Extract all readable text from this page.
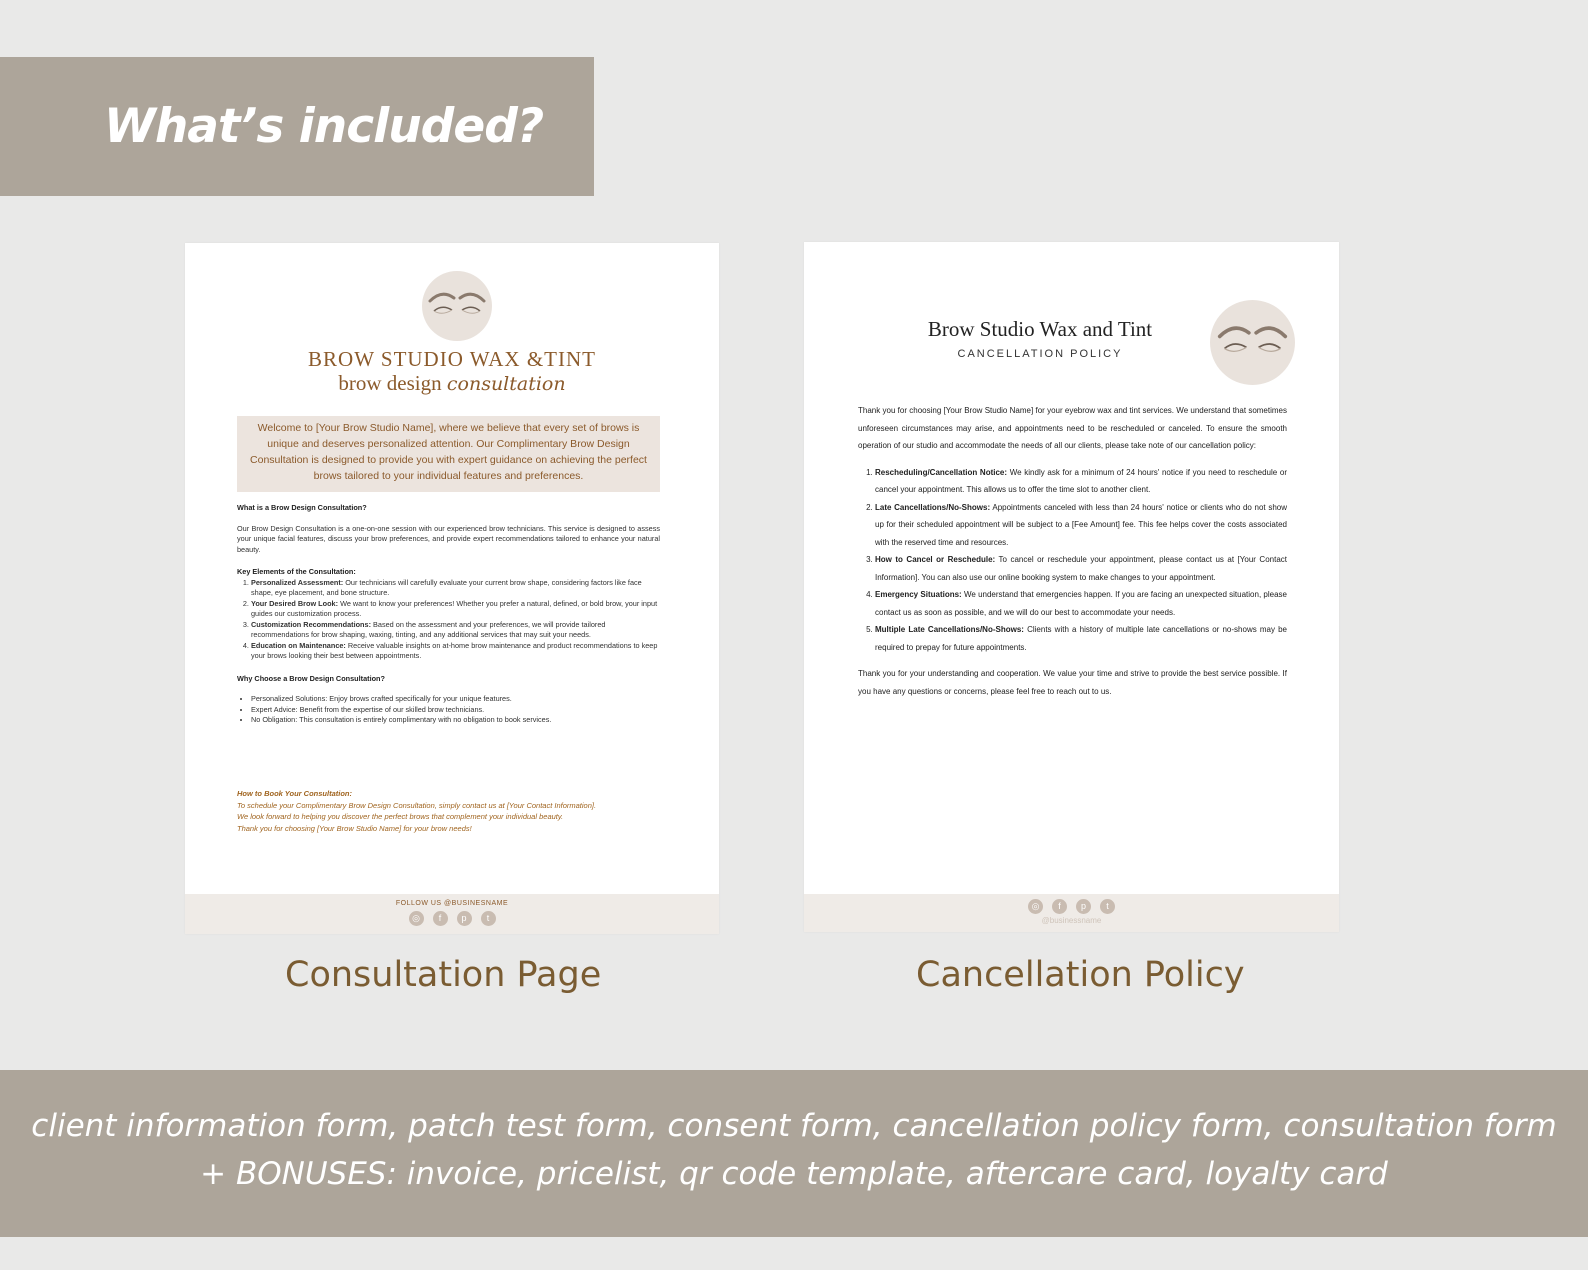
What’s included?
BROW STUDIO WAX &TINT
brow design consultation
Welcome to [Your Brow Studio Name], where we believe that every set of brows is unique and deserves personalized attention. Our Complimentary Brow Design Consultation is designed to provide you with expert guidance on achieving the perfect brows tailored to your individual features and preferences.
What is a Brow Design Consultation?

Our Brow Design Consultation is a one-on-one session with our experienced brow technicians. This service is designed to assess your unique facial features, discuss your brow preferences, and provide expert recommendations tailored to enhance your natural beauty.

Key Elements of the Consultation:
1. Personalized Assessment: Our technicians will carefully evaluate your current brow shape, considering factors like face shape, eye placement, and bone structure.
2. Your Desired Brow Look: We want to know your preferences! Whether you prefer a natural, defined, or bold brow, your input guides our customization process.
3. Customization Recommendations: Based on the assessment and your preferences, we will provide tailored recommendations for brow shaping, waxing, tinting, and any additional services that may suit your needs.
4. Education on Maintenance: Receive valuable insights on at-home brow maintenance and product recommendations to keep your brows looking their best between appointments.
Why Choose a Brow Design Consultation?
• Personalized Solutions: Enjoy brows crafted specifically for your unique features.
• Expert Advice: Benefit from the expertise of our skilled brow technicians.
• No Obligation: This consultation is entirely complimentary with no obligation to book services.
How to Book Your Consultation:
To schedule your Complimentary Brow Design Consultation, simply contact us at [Your Contact Information].
We look forward to helping you discover the perfect brows that complement your individual beauty.
Thank you for choosing [Your Brow Studio Name] for your brow needs!
FOLLOW US @BUSINESNAME
◎	f	p	t
Brow Studio Wax and Tint
CANCELLATION POLICY

Thank you for choosing [Your Brow Studio Name] for your eyebrow wax and tint services. We understand that sometimes unforeseen circumstances may arise, and appointments need to be rescheduled or canceled. To ensure the smooth operation of our studio and accommodate the needs of all our clients, please take note of our cancellation policy:

1. Rescheduling/Cancellation Notice: We kindly ask for a minimum of 24 hours' notice if you need to reschedule or cancel your appointment. This allows us to offer the time slot to another client.
2. Late Cancellations/No-Shows: Appointments canceled with less than 24 hours' notice or clients who do not show up for their scheduled appointment will be subject to a [Fee Amount] fee. This fee helps cover the costs associated with the reserved time and resources.
3. How to Cancel or Reschedule: To cancel or reschedule your appointment, please contact us at [Your Contact Information]. You can also use our online booking system to make changes to your appointment.
4. Emergency Situations: We understand that emergencies happen. If you are facing an unexpected situation, please contact us as soon as possible, and we will do our best to accommodate your needs.
5. Multiple Late Cancellations/No-Shows: Clients with a history of multiple late cancellations or no-shows may be required to prepay for future appointments.

Thank you for your understanding and cooperation. We value your time and strive to provide the best service possible. If you have any questions or concerns, please feel free to reach out to us.

◎	f	p	t
@businessname
Consultation Page	Cancellation Policy
client information form, patch test form, consent form, cancellation policy form, consultation form
+ BONUSES: invoice, pricelist, qr code template, aftercare card, loyalty card
